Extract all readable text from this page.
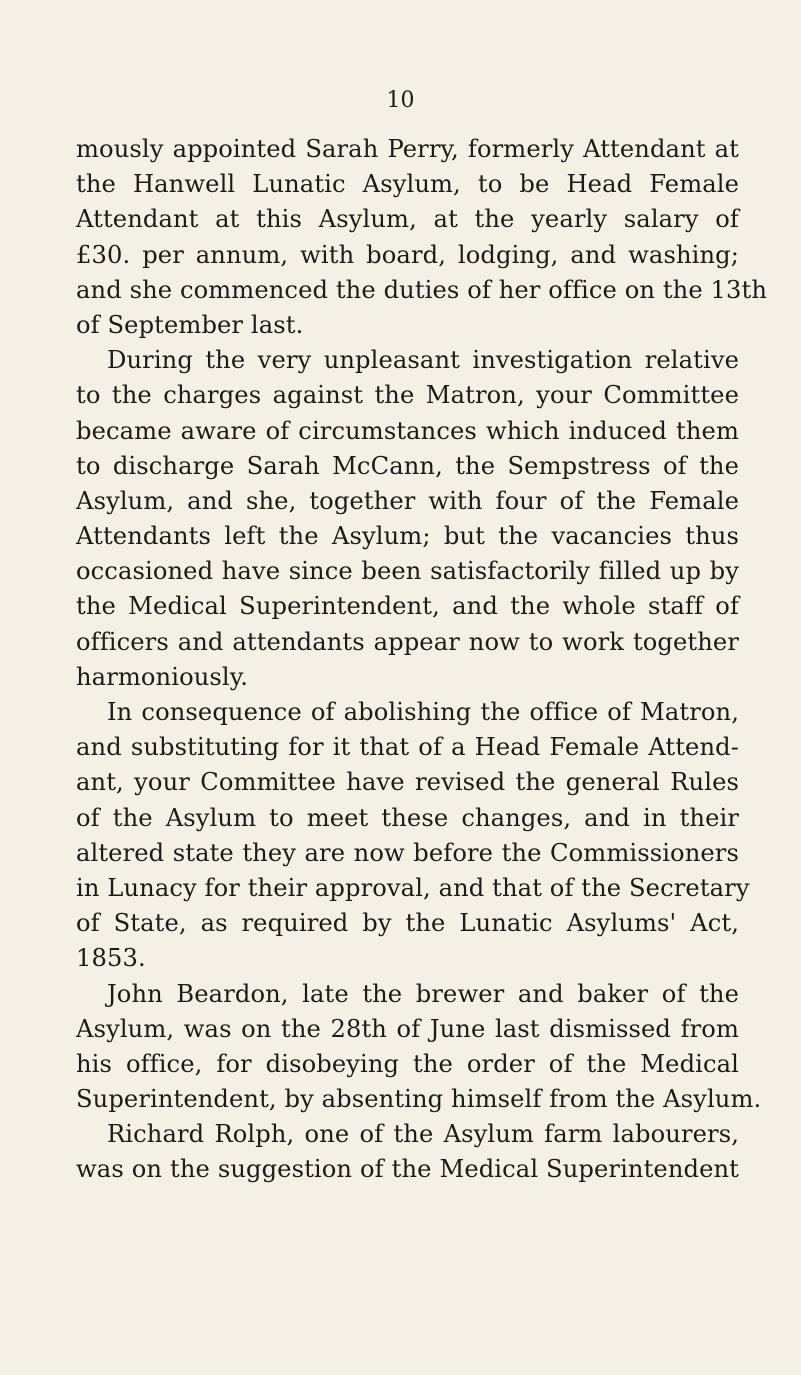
10
mously appointed Sarah Perry, formerly Attendant at
the Hanwell Lunatic Asylum, to be Head Female
Attendant at this Asylum, at the yearly salary of
£30. per annum, with board, lodging, and washing;
and she commenced the duties of her office on the 13th
of September last.
During the very unpleasant investigation relative
to the charges against the Matron, your Committee
became aware of circumstances which induced them
to discharge Sarah McCann, the Sempstress of the
Asylum, and she, together with four of the Female
Attendants left the Asylum; but the vacancies thus
occasioned have since been satisfactorily filled up by
the Medical Superintendent, and the whole staff of
officers and attendants appear now to work together
harmoniously.
In consequence of abolishing the office of Matron,
and substituting for it that of a Head Female Attend-
ant, your Committee have revised the general Rules
of the Asylum to meet these changes, and in their
altered state they are now before the Commissioners
in Lunacy for their approval, and that of the Secretary
of State, as required by the Lunatic Asylums' Act,
1853.
John Beardon, late the brewer and baker of the
Asylum, was on the 28th of June last dismissed from
his office, for disobeying the order of the Medical
Superintendent, by absenting himself from the Asylum.
Richard Rolph, one of the Asylum farm labourers,
was on the suggestion of the Medical Superintendent
